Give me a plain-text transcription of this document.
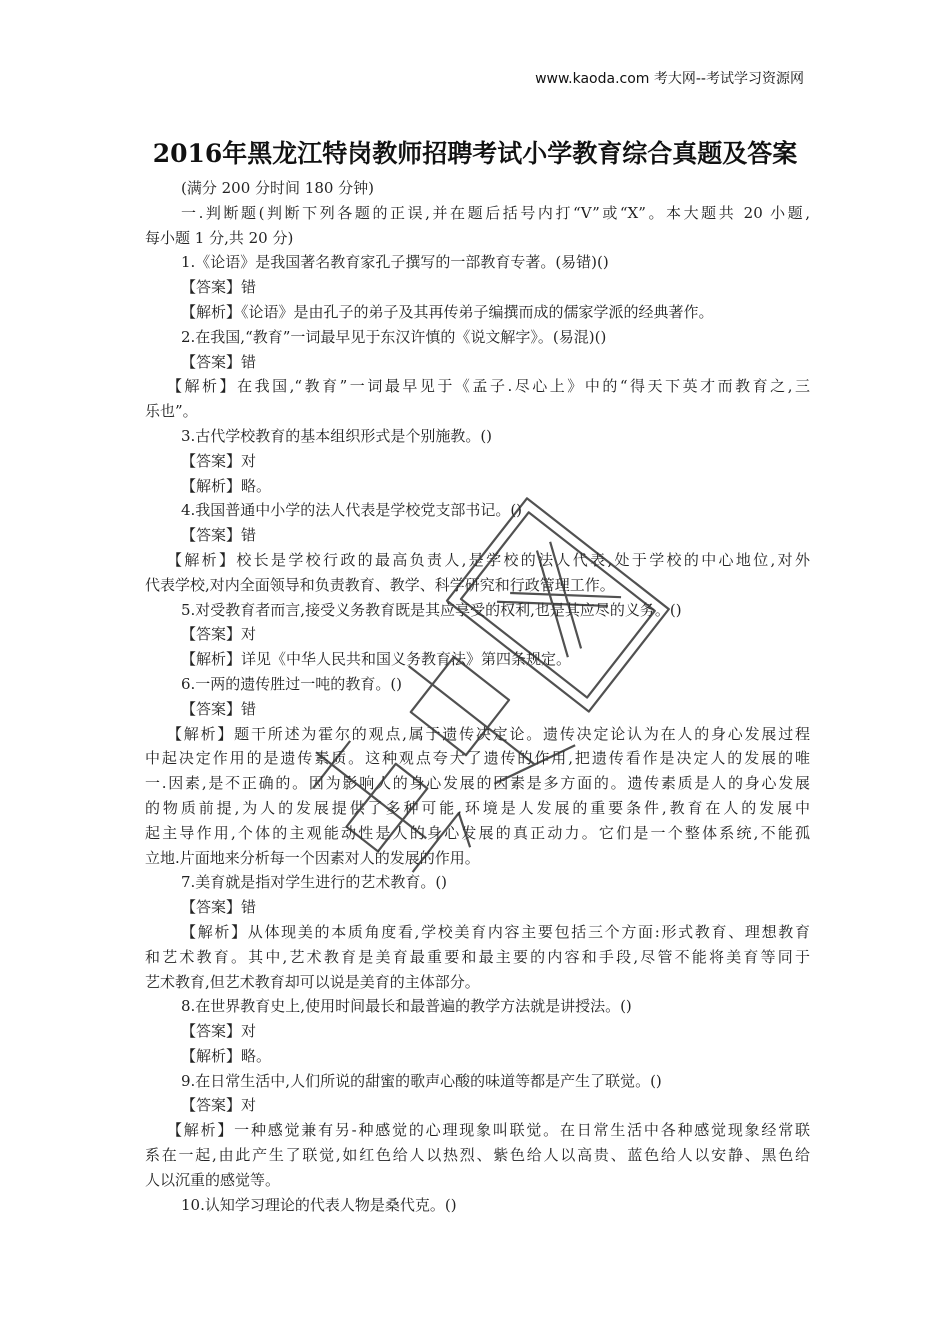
www.kaoda.com 考大网--考试学习资源网
2016年黑龙江特岗教师招聘考试小学教育综合真题及答案
(满分 200 分时间 180 分钟)
一.判断题(判断下列各题的正误,并在题后括号内打“V”或“X”。本大题共 20 小题,
每小题 1 分,共 20 分)
1.《论语》是我国著名教育家孔子撰写的一部教育专著。(易错)()
【答案】错
【解析】《论语》是由孔子的弟子及其再传弟子编撰而成的儒家学派的经典著作。
2.在我国,“教育”一词最早见于东汉许慎的《说文解字》。(易混)()
【答案】错
【解析】在我国,“教育”一词最早见于《孟子.尽心上》中的“得天下英才而教育之,三
乐也”。
3.古代学校教育的基本组织形式是个别施教。()
【答案】对
【解析】略。
4.我国普通中小学的法人代表是学校党支部书记。()
【答案】错
【解析】校长是学校行政的最高负责人,是学校的法人代表,处于学校的中心地位,对外
代表学校,对内全面领导和负责教育、教学、科学研究和行政管理工作。
5.对受教育者而言,接受义务教育既是其应享受的权利,也是其应尽的义务。()
【答案】对
【解析】详见《中华人民共和国义务教育法》第四条规定。
6.一两的遗传胜过一吨的教育。()
【答案】错
【解析】题干所述为霍尔的观点,属于遗传决定论。遗传决定论认为在人的身心发展过程
中起决定作用的是遗传素质。这种观点夸大了遗传的作用,把遗传看作是决定人的发展的唯
一.因素,是不正确的。因为影响人的身心发展的因素是多方面的。遗传素质是人的身心发展
的物质前提,为人的发展提供了多种可能,环境是人发展的重要条件,教育在人的发展中
起主导作用,个体的主观能动性是人的身心发展的真正动力。它们是一个整体系统,不能孤
立地.片面地来分析每一个因素对人的发展的作用。
7.美育就是指对学生进行的艺术教育。()
【答案】错
【解析】从体现美的本质角度看,学校美育内容主要包括三个方面:形式教育、理想教育
和艺术教育。其中,艺术教育是美育最重要和最主要的内容和手段,尽管不能将美育等同于
艺术教育,但艺术教育却可以说是美育的主体部分。
8.在世界教育史上,使用时间最长和最普遍的教学方法就是讲授法。()
【答案】对
【解析】略。
9.在日常生活中,人们所说的甜蜜的歌声心酸的味道等都是产生了联觉。()
【答案】对
【解析】一种感觉兼有另-种感觉的心理现象叫联觉。在日常生活中各种感觉现象经常联
系在一起,由此产生了联觉,如红色给人以热烈、紫色给人以高贵、蓝色给人以安静、黑色给
人以沉重的感觉等。
10.认知学习理论的代表人物是桑代克。()
